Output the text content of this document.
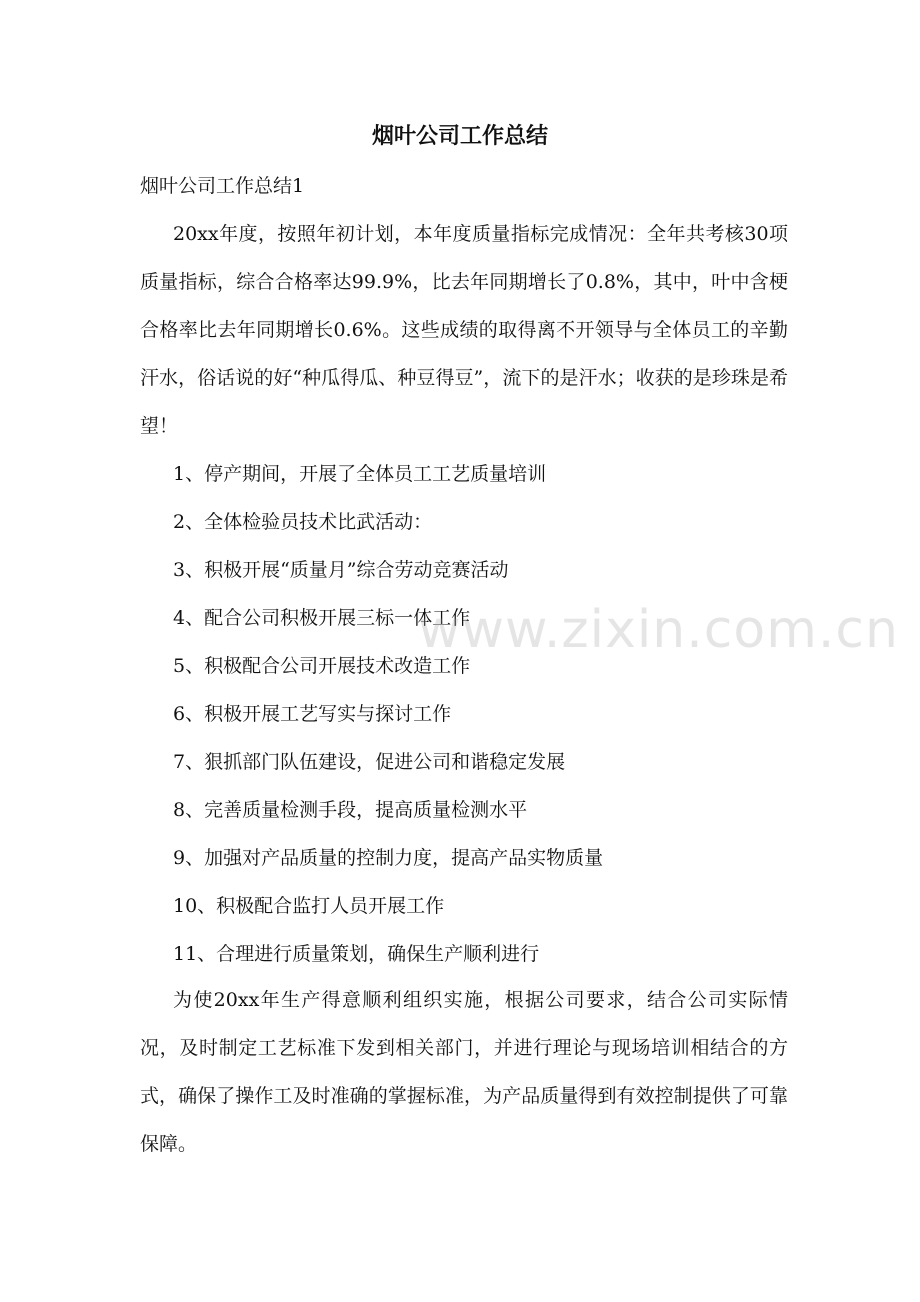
烟叶公司工作总结

烟叶公司工作总结1

20xx年度，按照年初计划，本年度质量指标完成情况：全年共考核30项质量指标，综合合格率达99.9%，比去年同期增长了0.8%，其中，叶中含梗合格率比去年同期增长0.6%。这些成绩的取得离不开领导与全体员工的辛勤汗水，俗话说的好“种瓜得瓜、种豆得豆”，流下的是汗水；收获的是珍珠是希望！

1、停产期间，开展了全体员工工艺质量培训
2、全体检验员技术比武活动：
3、积极开展“质量月”综合劳动竞赛活动
4、配合公司积极开展三标一体工作
5、积极配合公司开展技术改造工作
6、积极开展工艺写实与探讨工作
7、狠抓部门队伍建设，促进公司和谐稳定发展
8、完善质量检测手段，提高质量检测水平
9、加强对产品质量的控制力度，提高产品实物质量
10、积极配合监打人员开展工作
11、合理进行质量策划，确保生产顺利进行

为使20xx年生产得意顺利组织实施，根据公司要求，结合公司实际情况，及时制定工艺标准下发到相关部门，并进行理论与现场培训相结合的方式，确保了操作工及时准确的掌握标准，为产品质量得到有效控制提供了可靠保障。

www.zixin.com.cn
